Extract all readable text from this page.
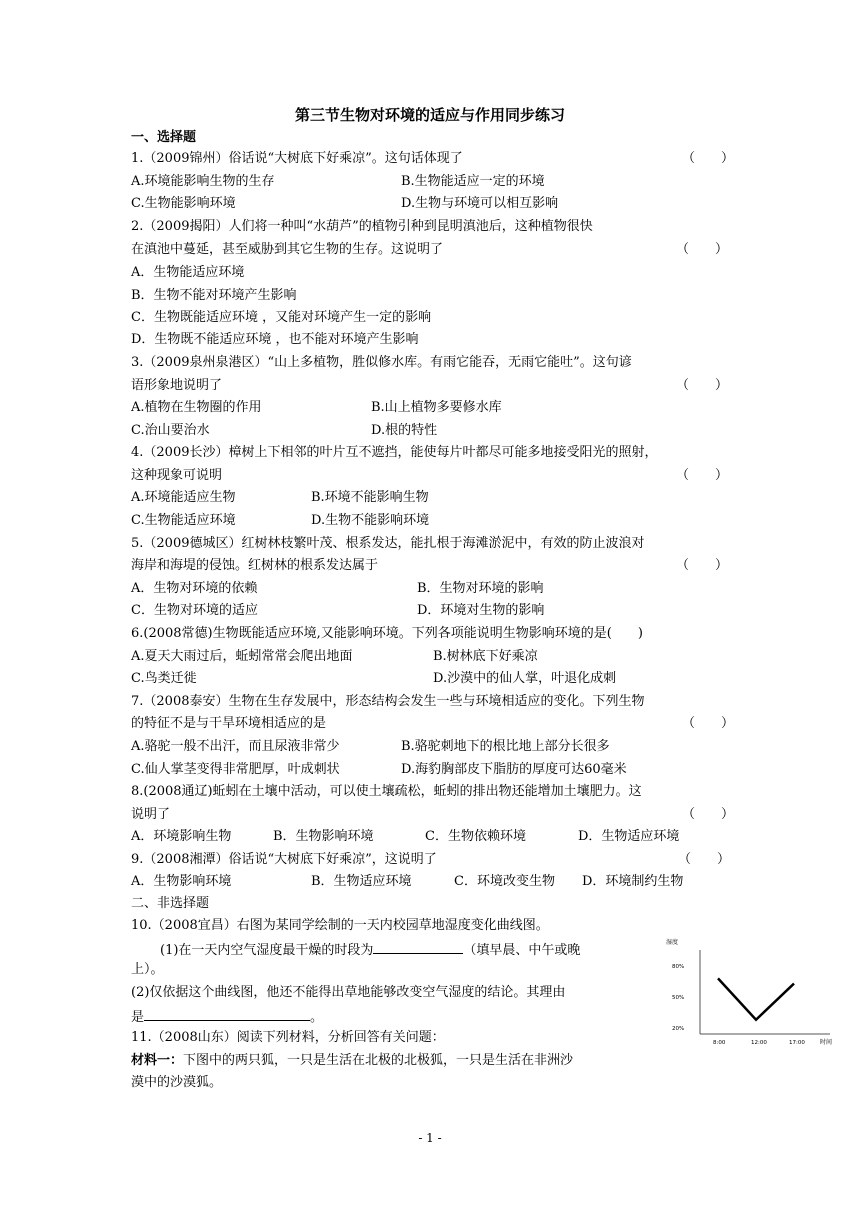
第三节生物对环境的适应与作用同步练习
一、选择题
1.（2009锦州）俗话说“大树底下好乘凉”。这句话体现了	（　　）
A.环境能影响生物的生存	B.生物能适应一定的环境
C.生物能影响环境	D.生物与环境可以相互影响
2.（2009揭阳）人们将一种叫“水葫芦”的植物引种到昆明滇池后，这种植物很快
在滇池中蔓延，甚至威胁到其它生物的生存。这说明了	（　　）
A．生物能适应环境
B．生物不能对环境产生影响
C．生物既能适应环境 ，又能对环境产生一定的影响
D．生物既不能适应环境 ，也不能对环境产生影响
3.（2009泉州泉港区）“山上多植物，胜似修水库。有雨它能吞，无雨它能吐”。这句谚
语形象地说明了	（　　）
A.植物在生物圈的作用	B.山上植物多要修水库
C.治山要治水	D.根的特性
4.（2009长沙）樟树上下相邻的叶片互不遮挡，能使每片叶都尽可能多地接受阳光的照射，
这种现象可说明	（　　）
A.环境能适应生物	B.环境不能影响生物
C.生物能适应环境	D.生物不能影响环境
5.（2009德城区）红树林枝繁叶茂、根系发达，能扎根于海滩淤泥中，有效的防止波浪对
海岸和海堤的侵蚀。红树林的根系发达属于	（　　）
A．生物对环境的依赖	B．生物对环境的影响
C．生物对环境的适应	D．环境对生物的影响
6.(2008常德)生物既能适应环境,又能影响环境。下列各项能说明生物影响环境的是(　　)
A.夏天大雨过后，蚯蚓常常会爬出地面	B.树林底下好乘凉
C.鸟类迁徙	D.沙漠中的仙人掌，叶退化成刺
7.（2008泰安）生物在生存发展中，形态结构会发生一些与环境相适应的变化。下列生物
的特征不是与干旱环境相适应的是	（　　）
A.骆驼一般不出汗，而且尿液非常少	B.骆驼刺地下的根比地上部分长很多
C.仙人掌茎变得非常肥厚，叶成刺状	D.海豹胸部皮下脂肪的厚度可达60毫米
8.(2008通辽)蚯蚓在土壤中活动，可以使土壤疏松，蚯蚓的排出物还能增加土壤肥力。这
说明了	（　　）
A．环境影响生物	B．生物影响环境	C．生物依赖环境	D．生物适应环境
9.（2008湘潭）俗话说“大树底下好乘凉”，这说明了	（　　）
A．生物影响环境	B．生物适应环境	C．环境改变生物 D．环境制约生物
二、非选择题
10.（2008宜昌）右图为某同学绘制的一天内校园草地湿度变化曲线图。
(1)在一天内空气湿度最干燥的时段为	（填早晨、中午或晚
上）。
(2)仅依据这个曲线图，他还不能得出草地能够改变空气湿度的结论。其理由
是	。
11.（2008山东）阅读下列材料，分析回答有关问题：
材料一：下图中的两只狐，一只是生活在北极的北极狐，一只是生活在非洲沙
漠中的沙漠狐。
80%
50%
20%
8:00	12:00	17:00
湿度
时间
- 1 -
